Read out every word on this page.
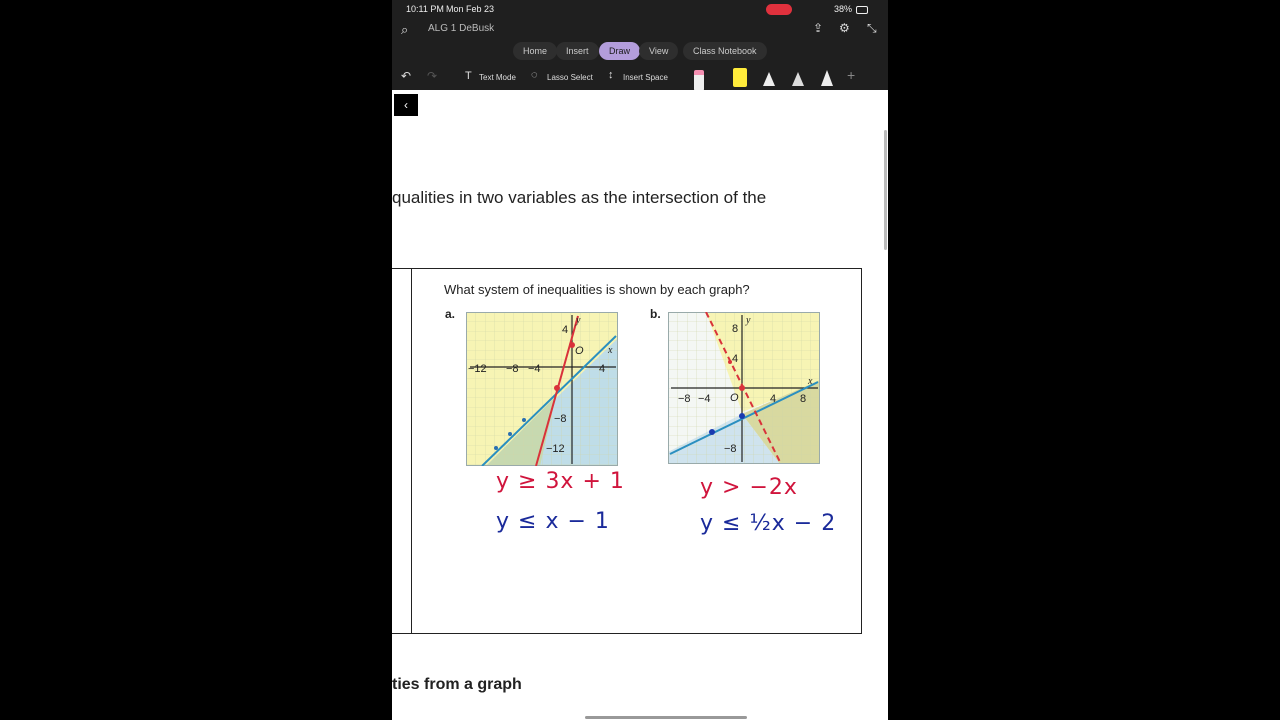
10:11 PM Mon Feb 23	38%
⌕ ALG 1 DeBusk	⇪ ⚙ ⤡
Home	Insert	Draw	View	Class Notebook
↶ ↷	T Text Mode ◌ Lasso Select ↕ Insert Space	+
‹
qualities in two variables as the intersection of the
What system of inequalities is shown by each graph?
a.	b.
−12 −8 −4	4
4
−8
−12
O x
y
−8 −4	4 8
8
4
−8
O
x
y
y ≥ 3x + 1
y ≤ x − 1
y > −2x
y ≤ ½x − 2
ties from a graph
